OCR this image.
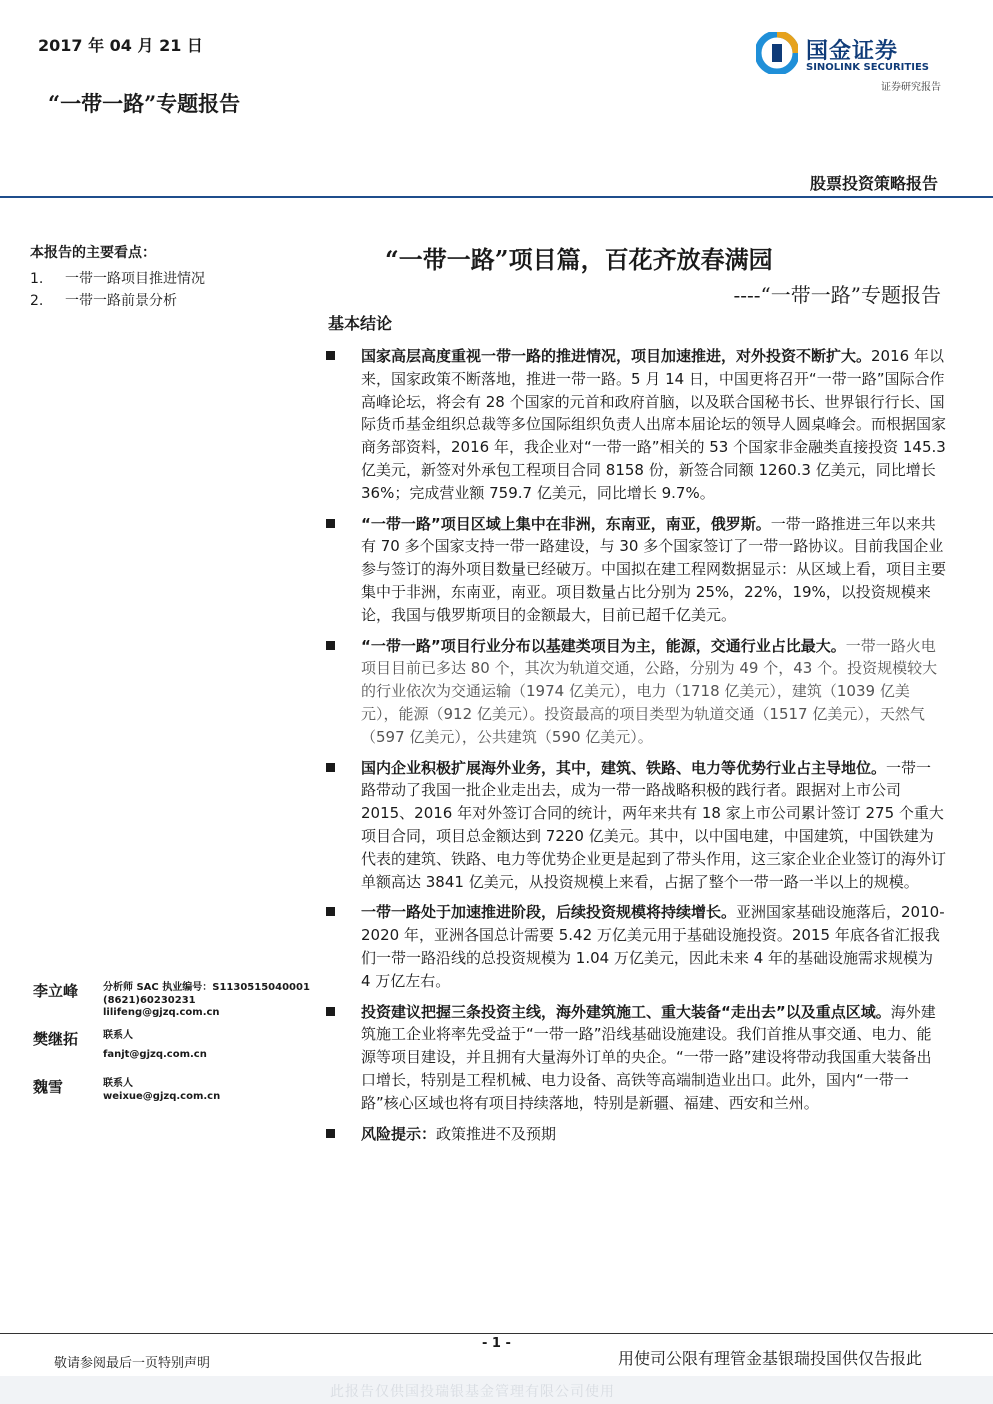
2017 年 04 月 21 日
“一带一路”专题报告
国金证券
SINOLINK SECURITIES
证券研究报告
股票投资策略报告
本报告的主要看点：
1.	一带一路项目推进情况
2.	一带一路前景分析
“一带一路”项目篇，百花齐放春满园
----“一带一路”专题报告
基本结论
国家高层高度重视一带一路的推进情况，项目加速推进，对外投资不断扩大。2016 年以来，国家政策不断落地，推进一带一路。5 月 14 日，中国更将召开“一带一路”国际合作高峰论坛，将会有 28 个国家的元首和政府首脑，以及联合国秘书长、世界银行行长、国际货币基金组织总裁等多位国际组织负责人出席本届论坛的领导人圆桌峰会。而根据国家商务部资料，2016 年，我企业对“一带一路”相关的 53 个国家非金融类直接投资 145.3 亿美元，新签对外承包工程项目合同 8158 份，新签合同额 1260.3 亿美元，同比增长 36%；完成营业额 759.7 亿美元，同比增长 9.7%。
“一带一路”项目区域上集中在非洲，东南亚，南亚，俄罗斯。一带一路推进三年以来共有 70 多个国家支持一带一路建设，与 30 多个国家签订了一带一路协议。目前我国企业参与签订的海外项目数量已经破万。中国拟在建工程网数据显示：从区域上看，项目主要集中于非洲，东南亚，南亚。项目数量占比分别为 25%，22%，19%，以投资规模来论，我国与俄罗斯项目的金额最大，目前已超千亿美元。
“一带一路”项目行业分布以基建类项目为主，能源，交通行业占比最大。一带一路火电项目目前已多达 80 个，其次为轨道交通，公路，分别为 49 个，43 个。投资规模较大的行业依次为交通运输（1974 亿美元），电力（1718 亿美元），建筑（1039 亿美元），能源（912 亿美元）。投资最高的项目类型为轨道交通（1517 亿美元），天然气（597 亿美元），公共建筑（590 亿美元）。
国内企业积极扩展海外业务，其中，建筑、铁路、电力等优势行业占主导地位。一带一路带动了我国一批企业走出去，成为一带一路战略积极的践行者。跟据对上市公司 2015、2016 年对外签订合同的统计，两年来共有 18 家上市公司累计签订 275 个重大项目合同，项目总金额达到 7220 亿美元。其中，以中国电建，中国建筑，中国铁建为代表的建筑、铁路、电力等优势企业更是起到了带头作用，这三家企业企业签订的海外订单额高达 3841 亿美元，从投资规模上来看，占据了整个一带一路一半以上的规模。
一带一路处于加速推进阶段，后续投资规模将持续增长。亚洲国家基础设施落后，2010-2020 年，亚洲各国总计需要 5.42 万亿美元用于基础设施投资。2015 年底各省汇报我们一带一路沿线的总投资规模为 1.04 万亿美元，因此未来 4 年的基础设施需求规模为 4 万亿左右。
投资建议把握三条投资主线，海外建筑施工、重大装备“走出去”以及重点区域。海外建筑施工企业将率先受益于“一带一路”沿线基础设施建设。我们首推从事交通、电力、能源等项目建设，并且拥有大量海外订单的央企。“一带一路”建设将带动我国重大装备出口增长，特别是工程机械、电力设备、高铁等高端制造业出口。此外，国内“一带一路”核心区域也将有项目持续落地，特别是新疆、福建、西安和兰州。
风险提示：政策推进不及预期
李立峰 分析师 SAC 执业编号：S1130515040001
(8621)60230231
lilifeng@gjzq.com.cn
樊继拓 联系人
fanjt@gjzq.com.cn
魏雪	联系人
weixue@gjzq.com.cn
- 1 -
敬请参阅最后一页特别声明	用使司公限有理管金基银瑞投国供仅告报此
此报告仅供国投瑞银基金管理有限公司使用
